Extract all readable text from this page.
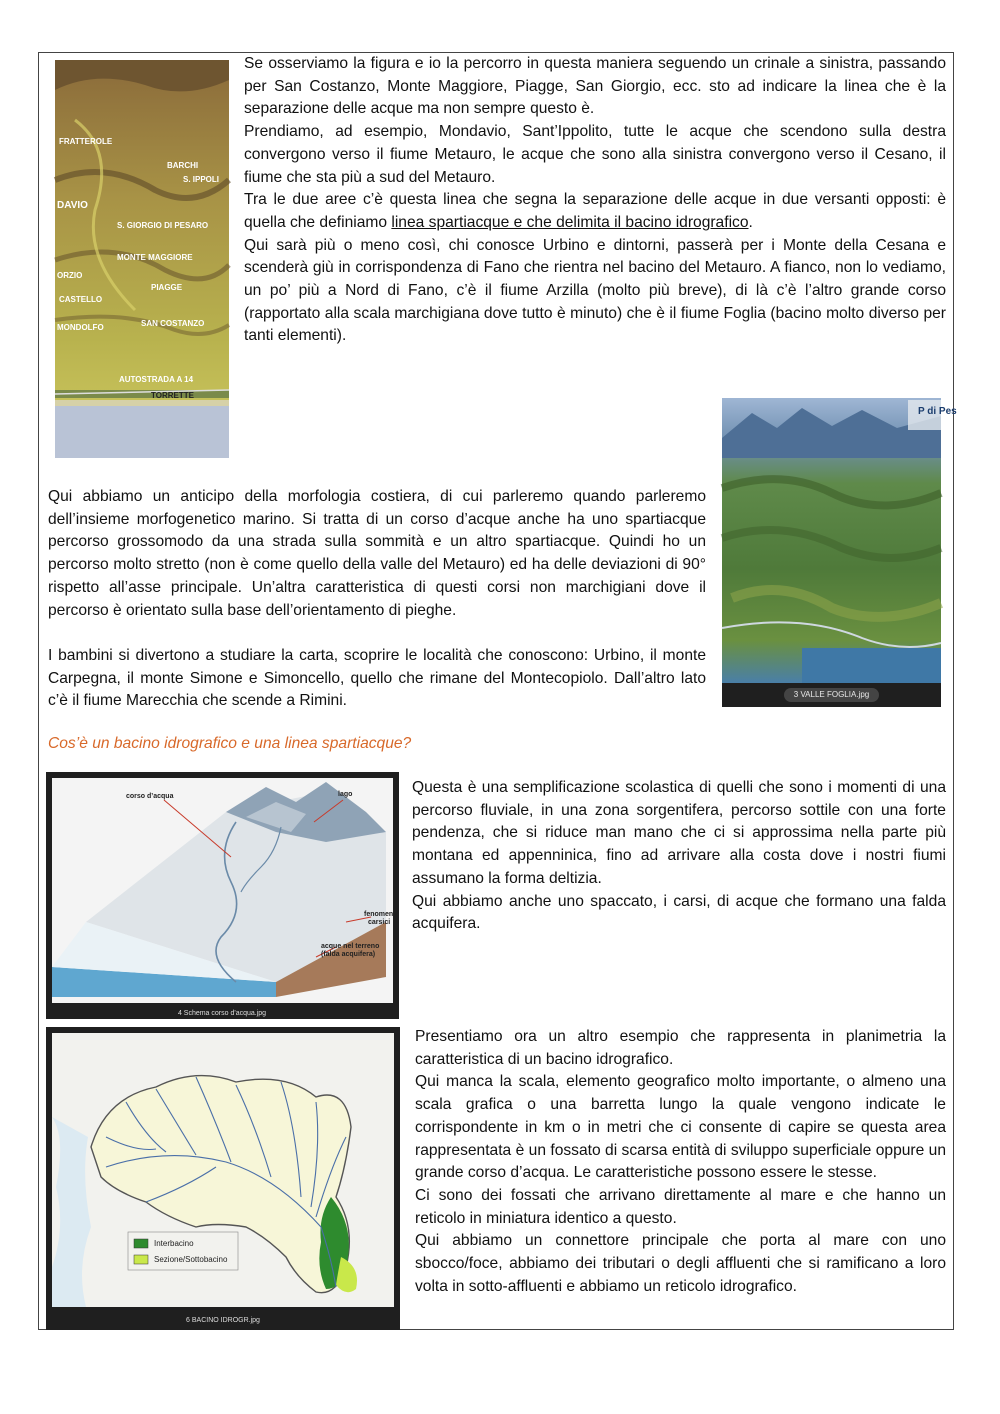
FRATTEROLE
BARCHI
S. IPPOLI
DAVIO
S. GIORGIO DI PESARO
MONTE MAGGIORE
PIAGGE
ORZIO
CASTELLO
MONDOLFO	SAN COSTANZO
AUTOSTRADA A 14
TORRETTE

Se osserviamo la figura e io la percorro in questa maniera seguendo un crinale a sinistra, passando per San Costanzo, Monte Maggiore, Piagge, San Giorgio, ecc. sto ad indicare la linea che è la separazione delle acque ma non sempre questo è.

Prendiamo, ad esempio, Mondavio, Sant’Ippolito, tutte le acque che scendono sulla destra convergono verso il fiume Metauro, le acque che sono alla sinistra convergono verso il Cesano, il fiume che sta più a sud del Metauro.

Tra le due aree c’è questa linea che segna la separazione delle acque in due versanti opposti: è quella che definiamo linea spartiacque e che delimita il bacino idrografico.

Qui sarà più o meno così, chi conosce Urbino e dintorni, passerà per i Monte della Cesana e scenderà giù in corrispondenza di Fano che rientra nel bacino del Metauro. A fianco, non lo vediamo, un po’ più a Nord di Fano, c’è il fiume Arzilla (molto più breve), di là c’è l’altro grande corso (rapportato alla scala marchigiana dove tutto è minuto) che è il fiume Foglia (bacino molto diverso per tanti elementi).

P di Pes
3 VALLE FOGLIA.jpg

Qui abbiamo un anticipo della morfologia costiera, di cui parleremo quando parleremo dell’insieme morfogenetico marino. Si tratta di un corso d’acque anche ha uno spartiacque percorso grossomodo da una strada sulla sommità e un altro spartiacque. Quindi ho un percorso molto stretto (non è come quello della valle del Metauro) ed ha delle deviazioni di 90° rispetto all’asse principale. Un’altra caratteristica di questi corsi non marchigiani dove il percorso è orientato sulla base dell’orientamento di pieghe.

I bambini si divertono a studiare la carta, scoprire le località che conoscono: Urbino, il monte Carpegna, il monte Simone e Simoncello, quello che rimane del Montecopiolo. Dall’altro lato c’è il fiume Marecchia che scende a Rimini.

Cos’è un bacino idrografico e una linea spartiacque?
corso d’acqua	lago
fenomeni
carsici
acque nel terreno
(falda acquifera)
4 Schema corso d'acqua.jpg

Questa è una semplificazione scolastica di quelli che sono i momenti di una percorso fluviale, in una zona sorgentifera, percorso sottile con una forte pendenza, che si riduce man mano che ci si approssima nella parte più montana ed appenninica, fino ad arrivare alla costa dove i nostri fiumi assumano la forma deltizia.

Qui abbiamo anche uno spaccato, i carsi, di acque che formano una falda acquifera.

Interbacino
Sezione/Sottobacino
6 BACINO IDROGR.jpg

Presentiamo ora un altro esempio che rappresenta in planimetria la caratteristica di un bacino idrografico.

Qui manca la scala, elemento geografico molto importante, o almeno una scala grafica o una barretta lungo la quale vengono indicate le corrispondente in km o in metri che ci consente di capire se questa area rappresentata è un fossato di scarsa entità di sviluppo superficiale oppure un grande corso d’acqua. Le caratteristiche possono essere le stesse.

Ci sono dei fossati che arrivano direttamente al mare e che hanno un reticolo in miniatura identico a questo.

Qui abbiamo un connettore principale che porta al mare con uno sbocco/foce, abbiamo dei tributari o degli affluenti che si ramificano a loro volta in sotto-affluenti e abbiamo un reticolo idrografico.
